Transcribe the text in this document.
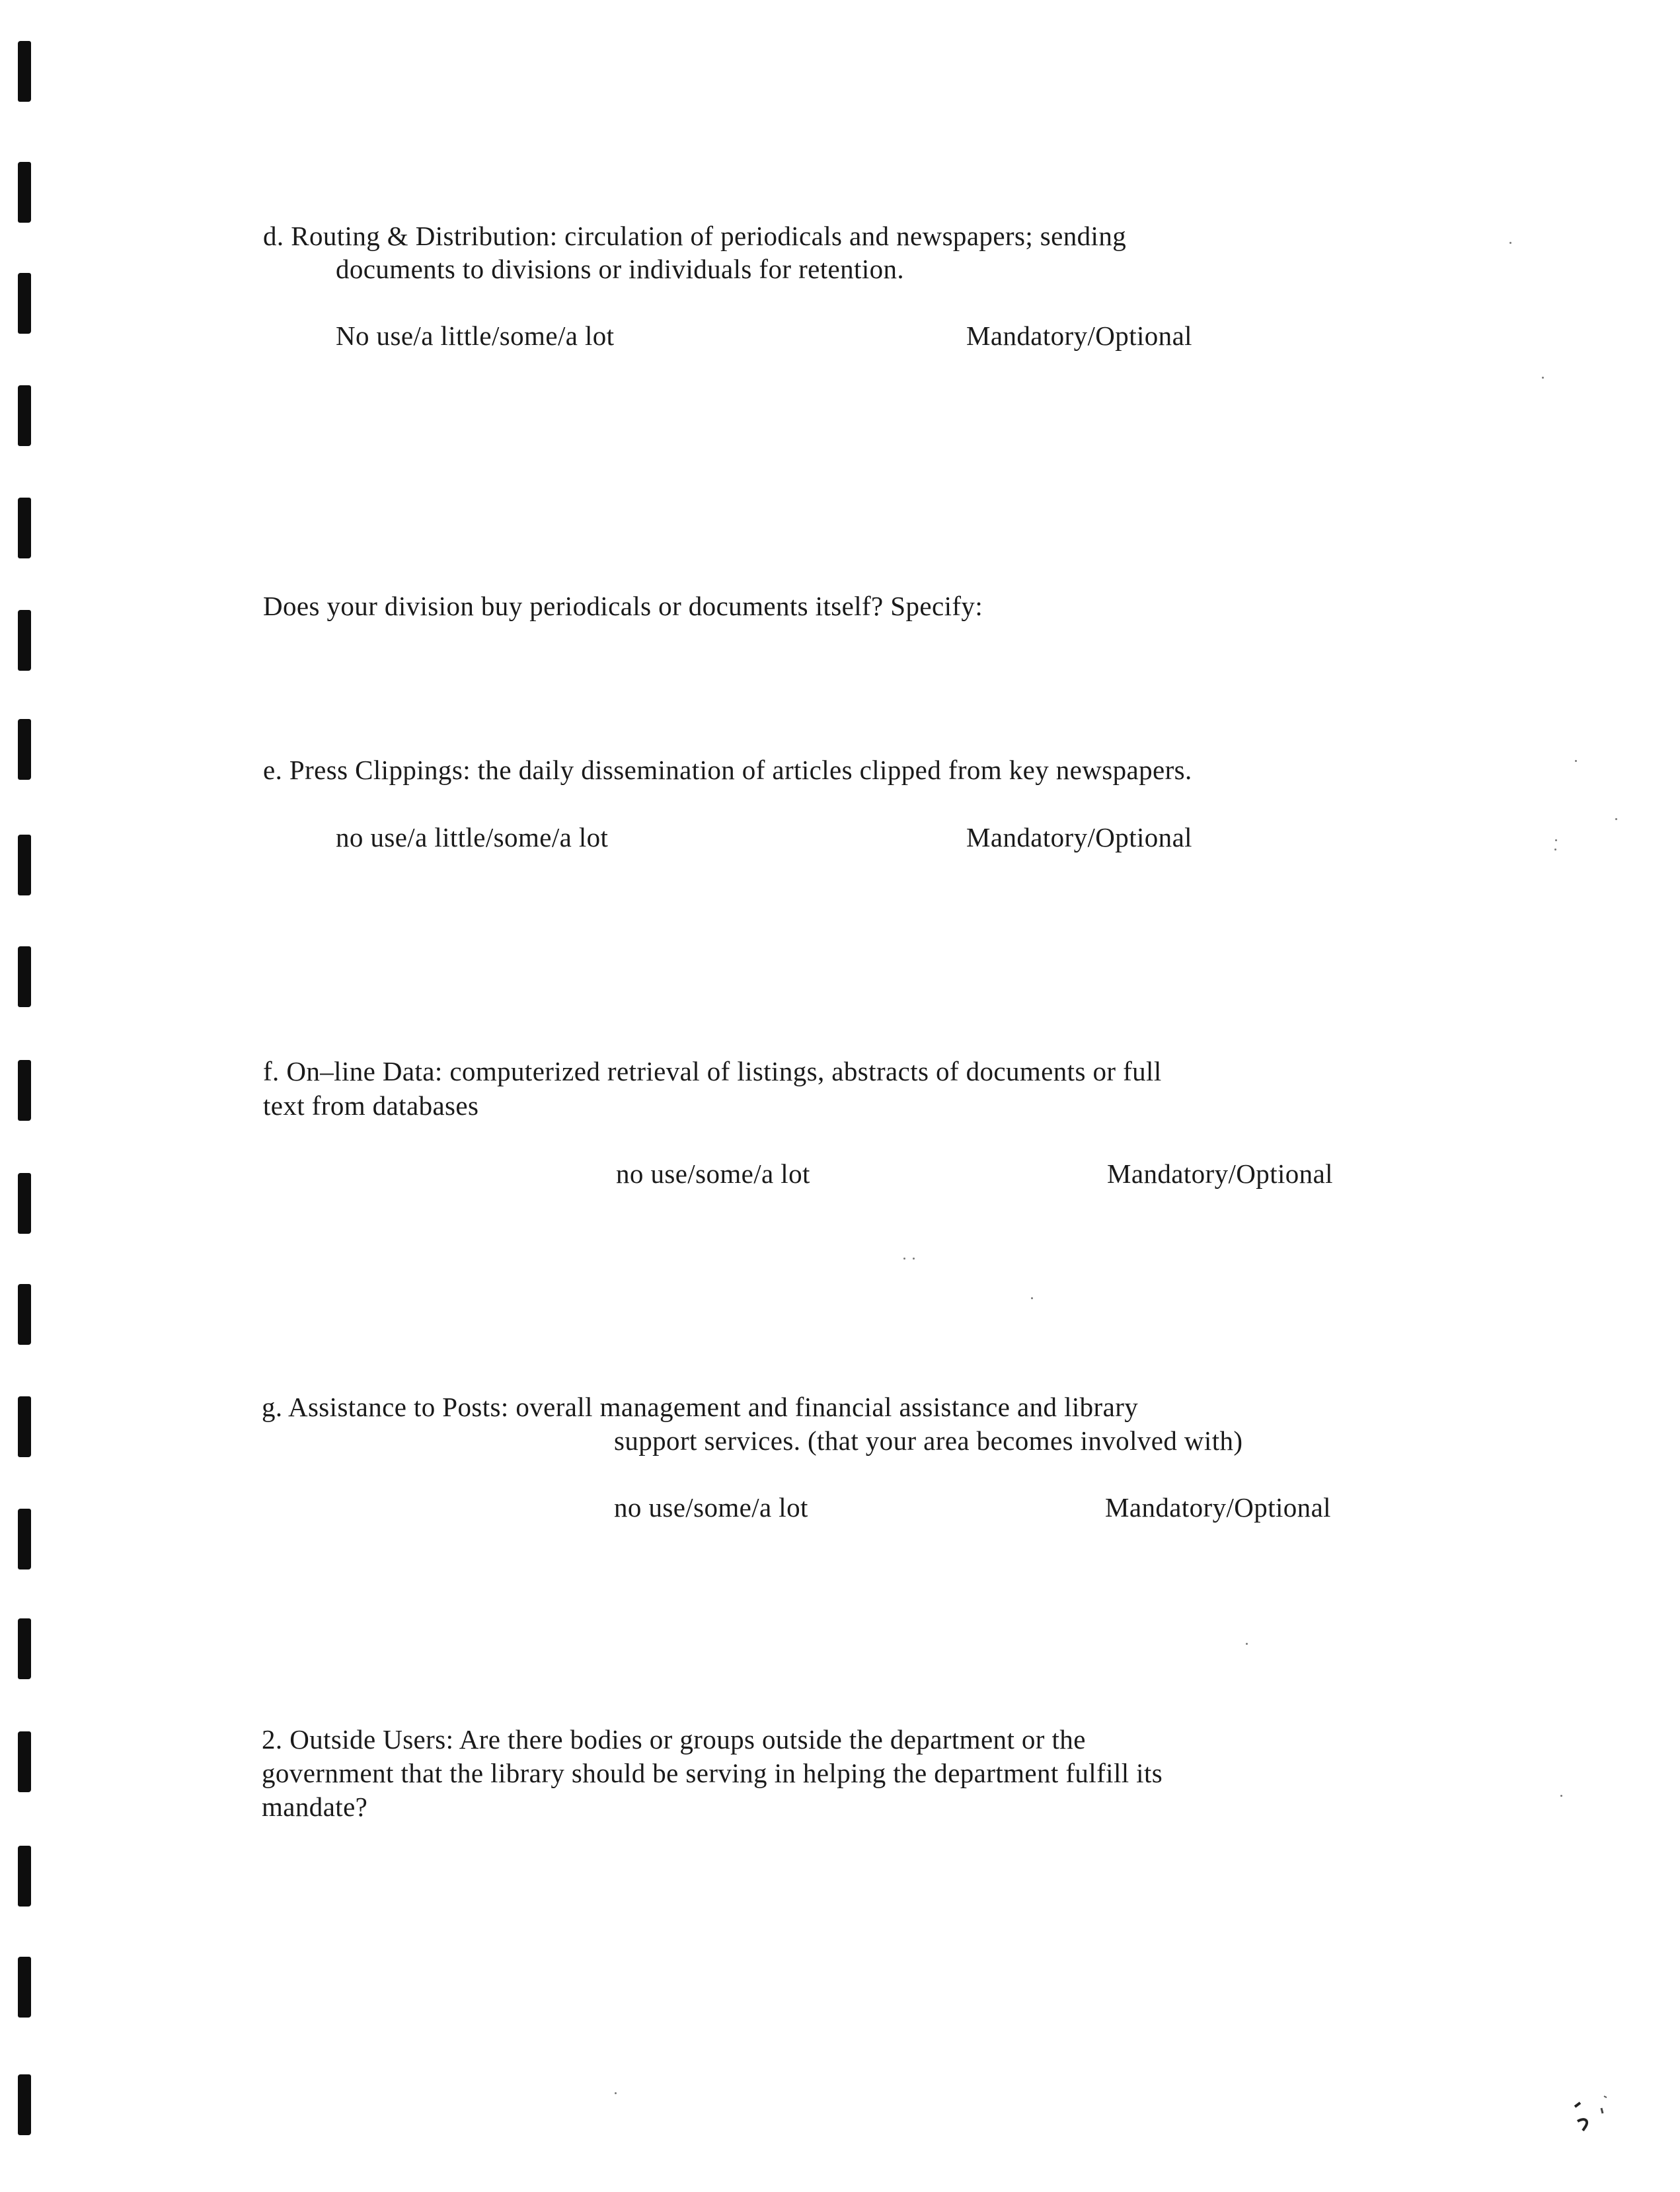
d. Routing & Distribution: circulation of periodicals and newspapers; sending
documents to divisions or individuals for retention.
No use/a little/some/a lot	Mandatory/Optional
Does your division buy periodicals or documents itself? Specify:
e. Press Clippings: the daily dissemination of articles clipped from key newspapers.
no use/a little/some/a lot	Mandatory/Optional
f. On–line Data: computerized retrieval of listings, abstracts of documents or full
text from databases
no use/some/a lot	Mandatory/Optional
g. Assistance to Posts: overall management and financial assistance and library
support services. (that your area becomes involved with)
no use/some/a lot	Mandatory/Optional
2. Outside Users: Are there bodies or groups outside the department or the
government that the library should be serving in helping the department fulfill its
mandate?
